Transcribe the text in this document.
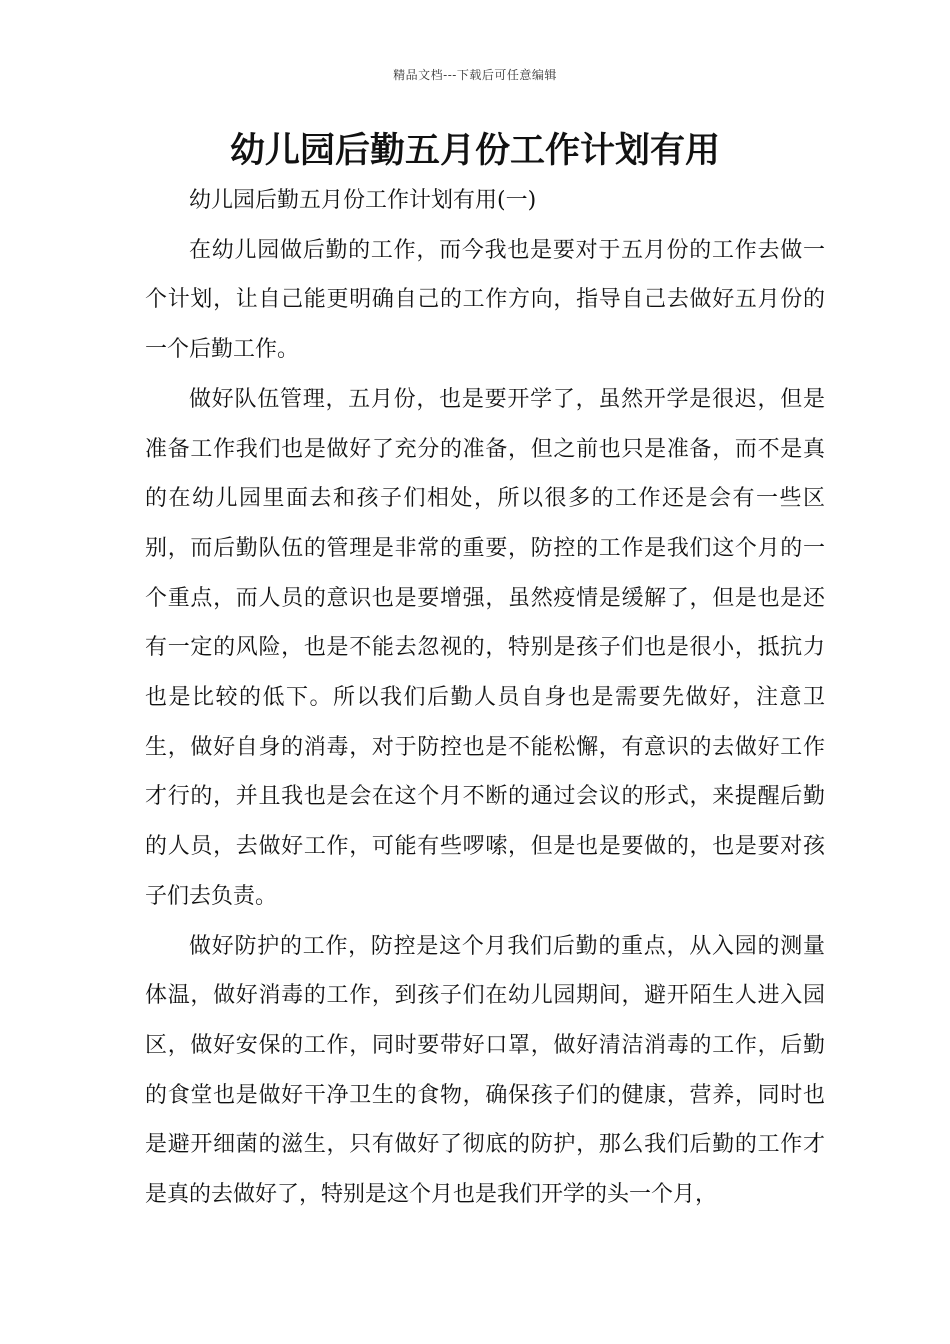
精品文档---下载后可任意编辑
幼儿园后勤五月份工作计划有用

幼儿园后勤五月份工作计划有用(一)

在幼儿园做后勤的工作，而今我也是要对于五月份的工作去做一个计划，让自己能更明确自己的工作方向，指导自己去做好五月份的一个后勤工作。

做好队伍管理，五月份，也是要开学了，虽然开学是很迟，但是准备工作我们也是做好了充分的准备，但之前也只是准备，而不是真的在幼儿园里面去和孩子们相处，所以很多的工作还是会有一些区别，而后勤队伍的管理是非常的重要，防控的工作是我们这个月的一个重点，而人员的意识也是要增强，虽然疫情是缓解了，但是也是还有一定的风险，也是不能去忽视的，特别是孩子们也是很小，抵抗力也是比较的低下。所以我们后勤人员自身也是需要先做好，注意卫生，做好自身的消毒，对于防控也是不能松懈，有意识的去做好工作才行的，并且我也是会在这个月不断的通过会议的形式，来提醒后勤的人员，去做好工作，可能有些啰嗦，但是也是要做的，也是要对孩子们去负责。

做好防护的工作，防控是这个月我们后勤的重点，从入园的测量体温，做好消毒的工作，到孩子们在幼儿园期间，避开陌生人进入园区，做好安保的工作，同时要带好口罩，做好清洁消毒的工作，后勤的食堂也是做好干净卫生的食物，确保孩子们的健康，营养，同时也是避开细菌的滋生，只有做好了彻底的防护，那么我们后勤的工作才是真的去做好了，特别是这个月也是我们开学的头一个月，
